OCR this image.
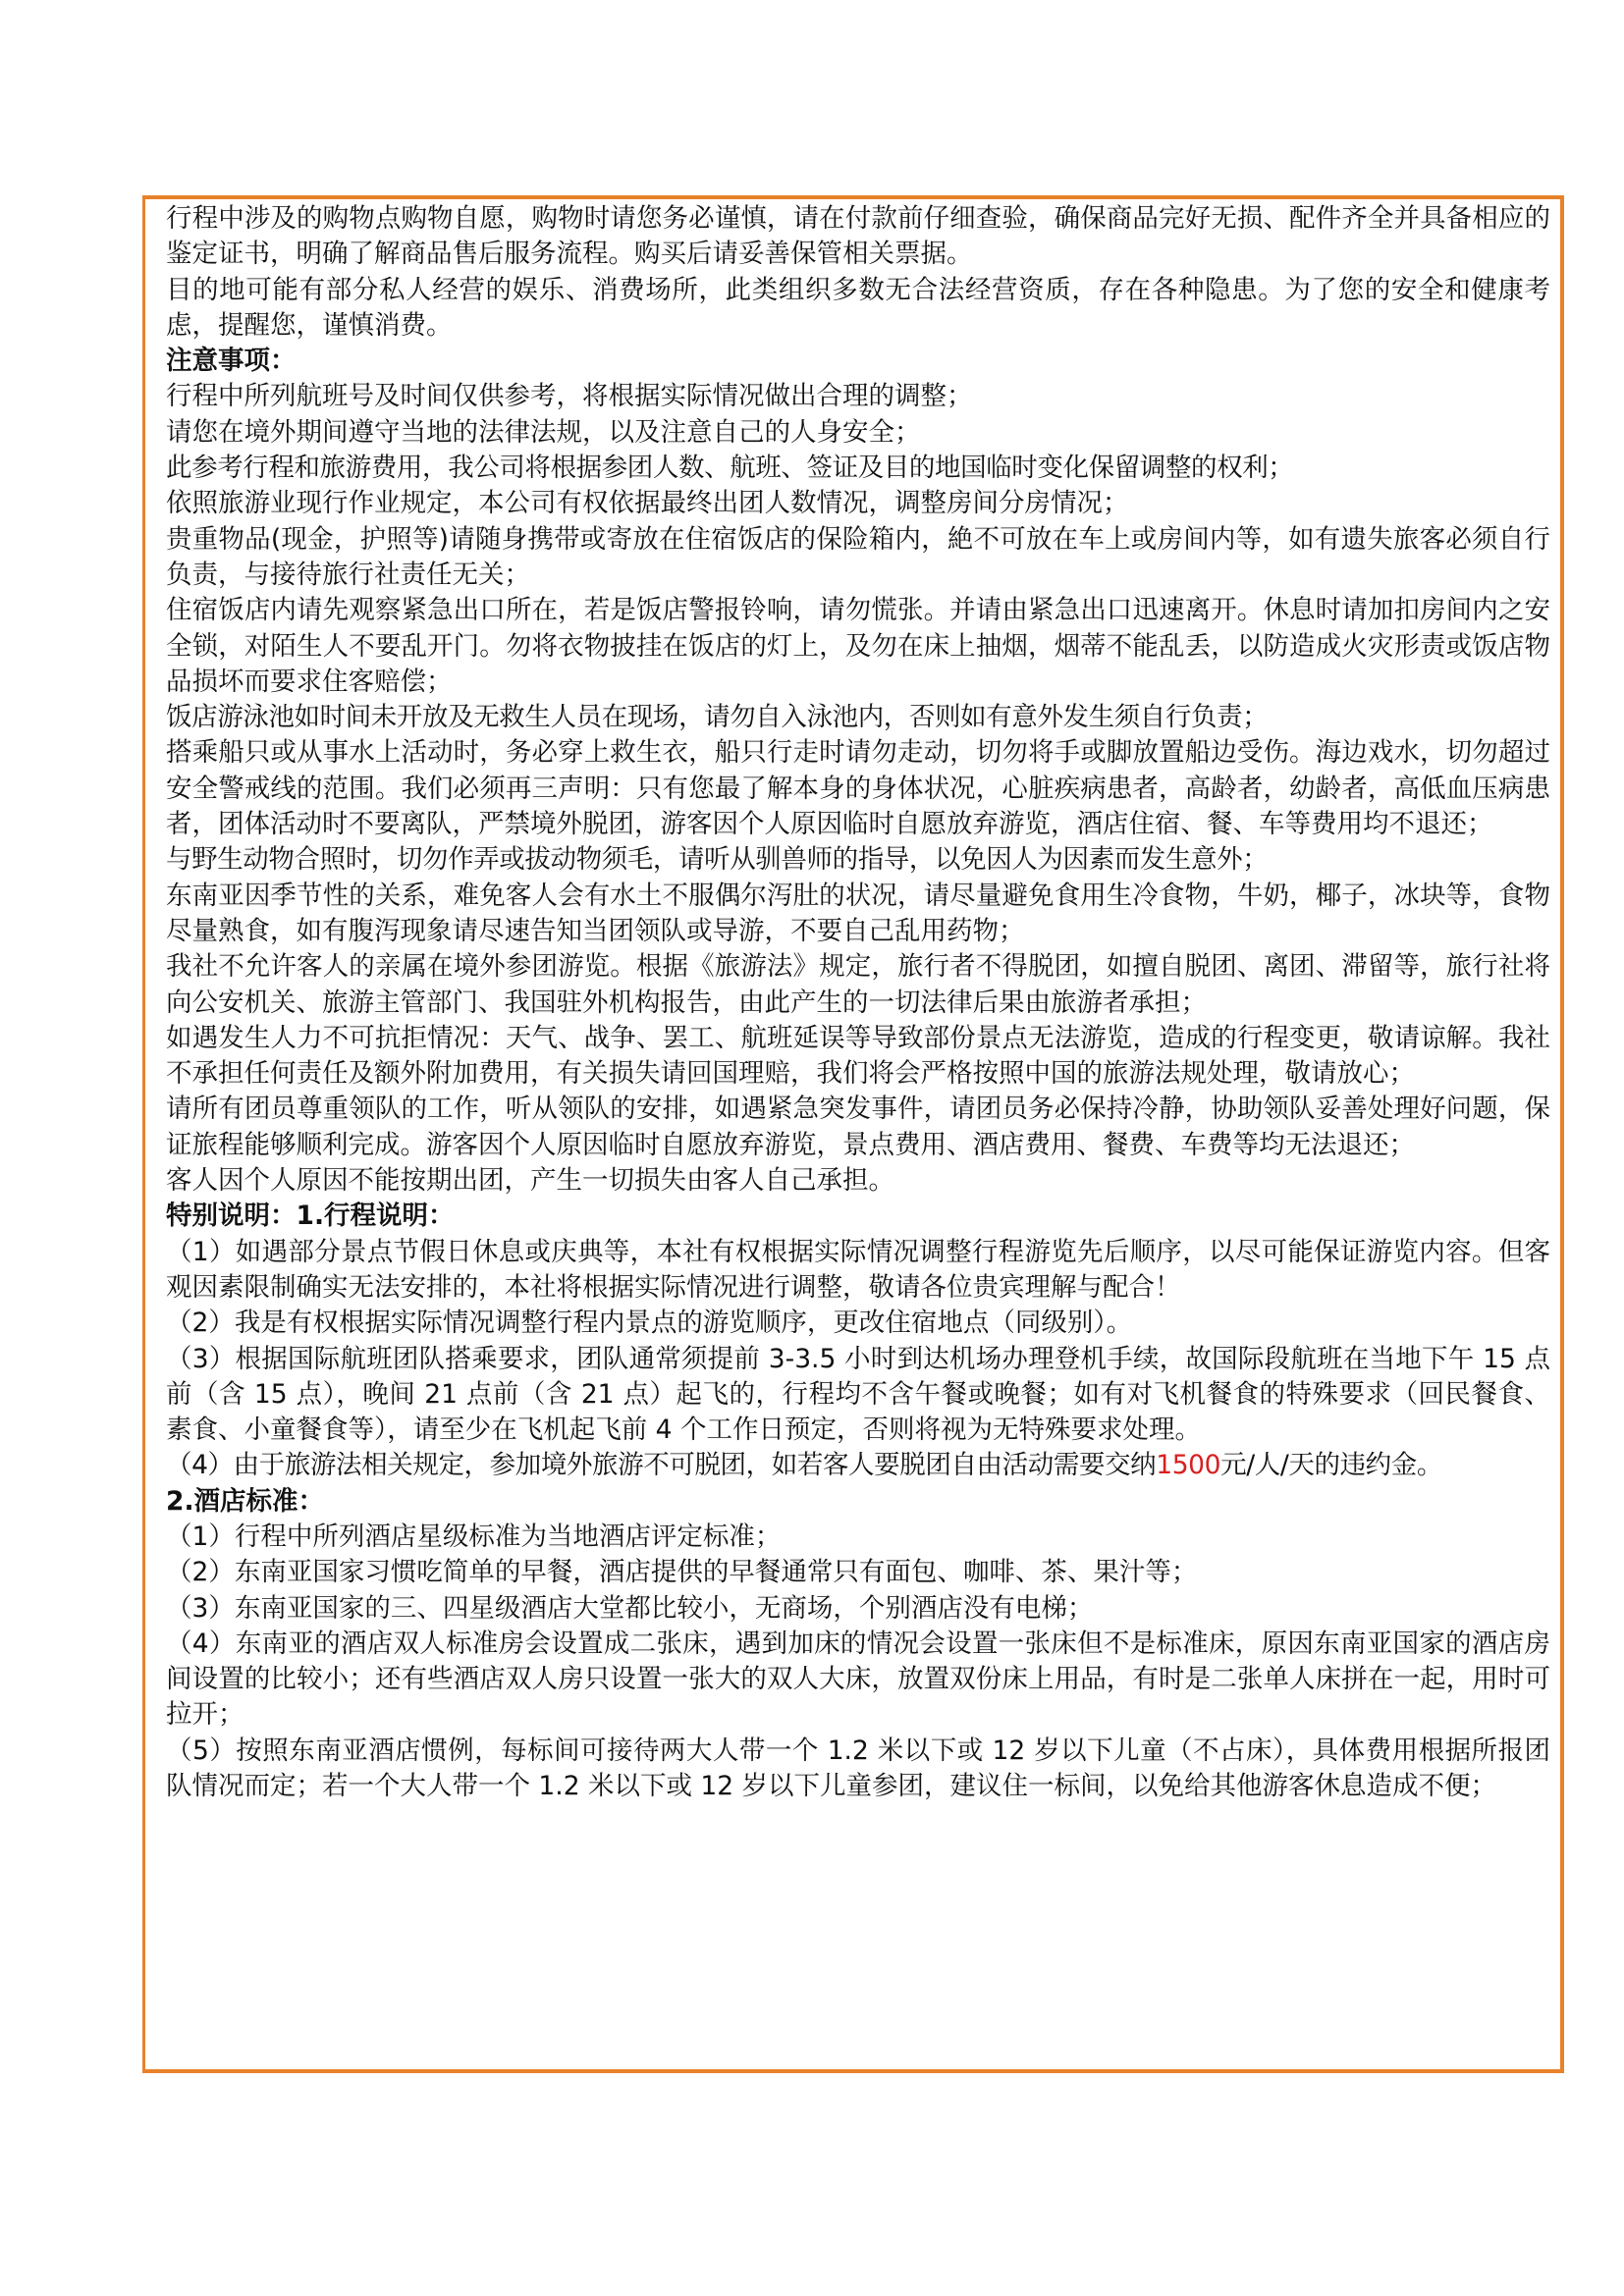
行程中涉及的购物点购物自愿，购物时请您务必谨慎，请在付款前仔细查验，确保商品完好无损、配件齐全并具备相应的鉴定证书，明确了解商品售后服务流程。购买后请妥善保管相关票据。

目的地可能有部分私人经营的娱乐、消费场所，此类组织多数无合法经营资质，存在各种隐患。为了您的安全和健康考虑，提醒您，谨慎消费。

注意事项：

行程中所列航班号及时间仅供参考，将根据实际情况做出合理的调整；

请您在境外期间遵守当地的法律法规，以及注意自己的人身安全；

此参考行程和旅游费用，我公司将根据参团人数、航班、签证及目的地国临时变化保留调整的权利；

依照旅游业现行作业规定，本公司有权依据最终出团人数情况，调整房间分房情况；

贵重物品(现金，护照等)请随身携带或寄放在住宿饭店的保险箱内，絶不可放在车上或房间内等，如有遗失旅客必须自行负责，与接待旅行社责任无关；

住宿饭店内请先观察紧急出口所在，若是饭店警报铃响，请勿慌张。并请由紧急出口迅速离开。休息时请加扣房间内之安全锁，对陌生人不要乱开门。勿将衣物披挂在饭店的灯上，及勿在床上抽烟，烟蒂不能乱丢，以防造成火灾形责或饭店物品损坏而要求住客赔偿；

饭店游泳池如时间未开放及无救生人员在现场，请勿自入泳池内，否则如有意外发生须自行负责；

搭乘船只或从事水上活动时，务必穿上救生衣，船只行走时请勿走动，切勿将手或脚放置船边受伤。海边戏水，切勿超过安全警戒线的范围。我们必须再三声明：只有您最了解本身的身体状况，心脏疾病患者，高龄者，幼龄者，高低血压病患者，团体活动时不要离队，严禁境外脱团，游客因个人原因临时自愿放弃游览，酒店住宿、餐、车等费用均不退还；

与野生动物合照时，切勿作弄或拔动物须毛，请听从驯兽师的指导，以免因人为因素而发生意外；

东南亚因季节性的关系，难免客人会有水土不服偶尔泻肚的状况，请尽量避免食用生冷食物，牛奶，椰子，冰块等，食物尽量熟食，如有腹泻现象请尽速告知当团领队或导游，不要自己乱用药物；

我社不允许客人的亲属在境外参团游览。根据《旅游法》规定，旅行者不得脱团，如擅自脱团、离团、滞留等，旅行社将向公安机关、旅游主管部门、我国驻外机构报告，由此产生的一切法律后果由旅游者承担；

如遇发生人力不可抗拒情况：天气、战争、罢工、航班延误等导致部份景点无法游览，造成的行程变更，敬请谅解。我社不承担任何责任及额外附加费用，有关损失请回国理赔，我们将会严格按照中国的旅游法规处理，敬请放心；

请所有团员尊重领队的工作，听从领队的安排，如遇紧急突发事件，请团员务必保持冷静，协助领队妥善处理好问题，保证旅程能够顺利完成。游客因个人原因临时自愿放弃游览，景点费用、酒店费用、餐费、车费等均无法退还；

客人因个人原因不能按期出团，产生一切损失由客人自己承担。

特别说明：1.行程说明：

（1）如遇部分景点节假日休息或庆典等，本社有权根据实际情况调整行程游览先后顺序，以尽可能保证游览内容。但客观因素限制确实无法安排的，本社将根据实际情况进行调整，敬请各位贵宾理解与配合！

（2）我是有权根据实际情况调整行程内景点的游览顺序，更改住宿地点（同级别）。

（3）根据国际航班团队搭乘要求，团队通常须提前 3-3.5 小时到达机场办理登机手续，故国际段航班在当地下午 15 点前（含 15 点），晚间 21 点前（含 21 点）起飞的，行程均不含午餐或晚餐；如有对飞机餐食的特殊要求（回民餐食、素食、小童餐食等），请至少在飞机起飞前 4 个工作日预定，否则将视为无特殊要求处理。

（4）由于旅游法相关规定，参加境外旅游不可脱团，如若客人要脱团自由活动需要交纳1500元/人/天的违约金。

2.酒店标准：

（1）行程中所列酒店星级标准为当地酒店评定标准；

（2）东南亚国家习惯吃简单的早餐，酒店提供的早餐通常只有面包、咖啡、茶、果汁等；

（3）东南亚国家的三、四星级酒店大堂都比较小，无商场，个别酒店没有电梯；

（4）东南亚的酒店双人标准房会设置成二张床，遇到加床的情况会设置一张床但不是标准床，原因东南亚国家的酒店房间设置的比较小；还有些酒店双人房只设置一张大的双人大床，放置双份床上用品，有时是二张单人床拼在一起，用时可拉开；

（5）按照东南亚酒店惯例，每标间可接待两大人带一个 1.2 米以下或 12 岁以下儿童（不占床），具体费用根据所报团队情况而定；若一个大人带一个 1.2 米以下或 12 岁以下儿童参团，建议住一标间，以免给其他游客休息造成不便；
